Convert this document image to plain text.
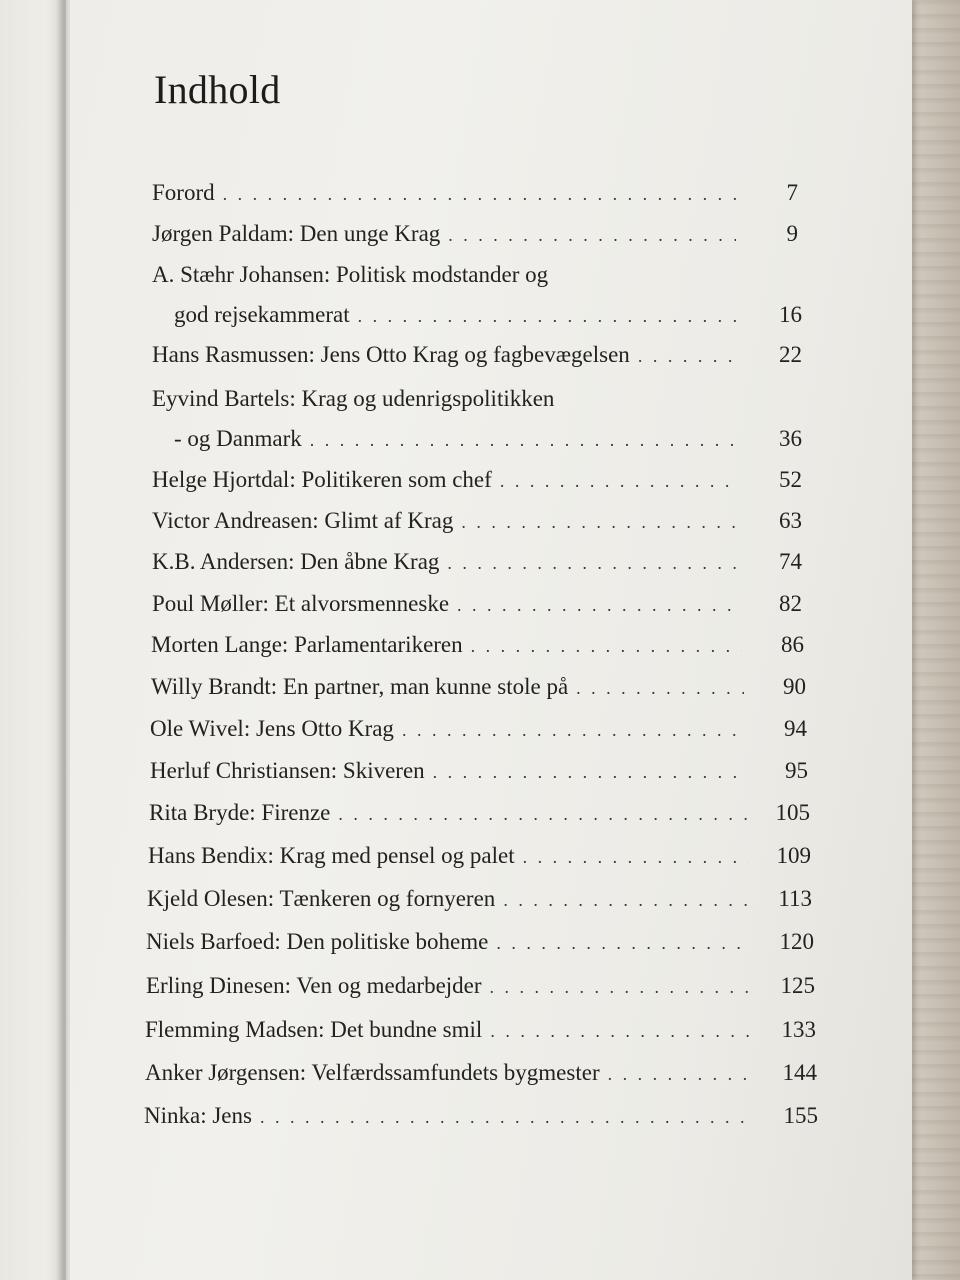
Indhold
Forord . . .	7
Jørgen Paldam: Den unge Krag . . .	9
A. Stæhr Johansen: Politisk modstander og
god rejsekammerat . . .	16
Hans Rasmussen: Jens Otto Krag og fagbevægelsen . . .	22
Eyvind Bartels: Krag og udenrigspolitikken
- og Danmark . . .	36
Helge Hjortdal: Politikeren som chef . . .	52
Victor Andreasen: Glimt af Krag . . .	63
K.B. Andersen: Den åbne Krag . . .	74
Poul Møller: Et alvorsmenneske . . .	82
Morten Lange: Parlamentarikeren . . .	86
Willy Brandt: En partner, man kunne stole på . . .	90
Ole Wivel: Jens Otto Krag . . .	94
Herluf Christiansen: Skiveren . . .	95
Rita Bryde: Firenze . . .	105
Hans Bendix: Krag med pensel og palet . . .	109
Kjeld Olesen: Tænkeren og fornyeren . . .	113
Niels Barfoed: Den politiske boheme . . .	120
Erling Dinesen: Ven og medarbejder . . .	125
Flemming Madsen: Det bundne smil . . .	133
Anker Jørgensen: Velfærdssamfundets bygmester . . .	144
Ninka: Jens . . .	155
